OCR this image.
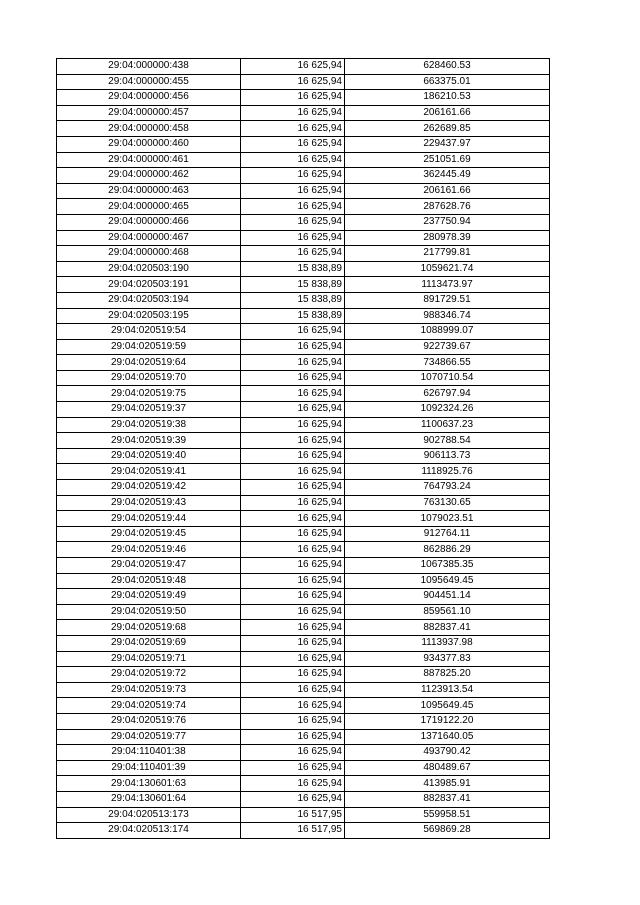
29:04:000000:438	16 625,94	628460.53
29:04:000000:455	16 625,94	663375.01
29:04:000000:456	16 625,94	186210.53
29:04:000000:457	16 625,94	206161.66
29:04:000000:458	16 625,94	262689.85
29:04:000000:460	16 625,94	229437.97
29:04:000000:461	16 625,94	251051.69
29:04:000000:462	16 625,94	362445.49
29:04:000000:463	16 625,94	206161.66
29:04:000000:465	16 625,94	287628.76
29:04:000000:466	16 625,94	237750.94
29:04:000000:467	16 625,94	280978.39
29:04:000000:468	16 625,94	217799.81
29:04:020503:190	15 838,89	1059621.74
29:04:020503:191	15 838,89	1113473.97
29:04:020503:194	15 838,89	891729.51
29:04:020503:195	15 838,89	988346.74
29:04:020519:54	16 625,94	1088999.07
29:04:020519:59	16 625,94	922739.67
29:04:020519:64	16 625,94	734866.55
29:04:020519:70	16 625,94	1070710.54
29:04:020519:75	16 625,94	626797.94
29:04:020519:37	16 625,94	1092324.26
29:04:020519:38	16 625,94	1100637.23
29:04:020519:39	16 625,94	902788.54
29:04:020519:40	16 625,94	906113.73
29:04:020519:41	16 625,94	1118925.76
29:04:020519:42	16 625,94	764793.24
29:04:020519:43	16 625,94	763130.65
29:04:020519:44	16 625,94	1079023.51
29:04:020519:45	16 625,94	912764.11
29:04:020519:46	16 625,94	862886.29
29:04:020519:47	16 625,94	1067385.35
29:04:020519:48	16 625,94	1095649.45
29:04:020519:49	16 625,94	904451.14
29:04:020519:50	16 625,94	859561.10
29:04:020519:68	16 625,94	882837.41
29:04:020519:69	16 625,94	1113937.98
29:04:020519:71	16 625,94	934377.83
29:04:020519:72	16 625,94	887825.20
29:04:020519:73	16 625,94	1123913.54
29:04:020519:74	16 625,94	1095649.45
29:04:020519:76	16 625,94	1719122.20
29:04:020519:77	16 625,94	1371640.05
29:04:110401:38	16 625,94	493790.42
29:04:110401:39	16 625,94	480489.67
29:04:130601:63	16 625,94	413985.91
29:04:130601:64	16 625,94	882837.41
29:04:020513:173	16 517,95	559958.51
29:04:020513:174	16 517,95	569869.28
